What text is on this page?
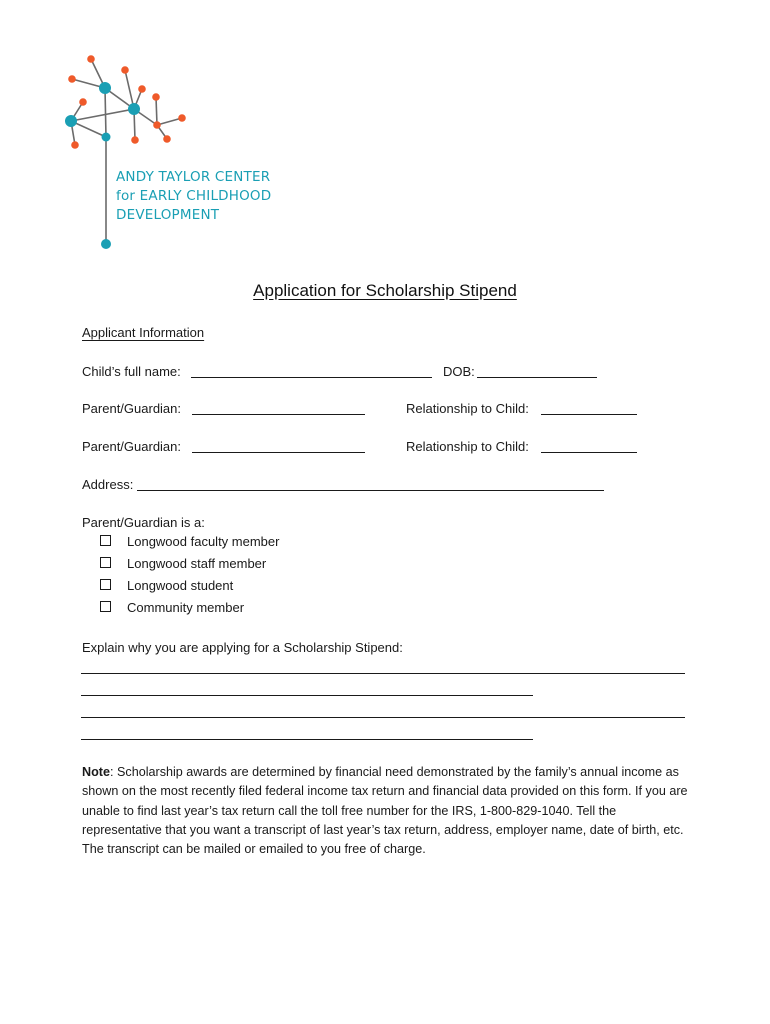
ANDY TAYLOR CENTER
for EARLY CHILDHOOD
DEVELOPMENT
Application for Scholarship Stipend
Applicant Information
Child’s full name:	DOB:
Parent/Guardian:	Relationship to Child:
Parent/Guardian:	Relationship to Child:
Address:
Parent/Guardian is a:
Longwood faculty member
Longwood staff member
Longwood student
Community member
Explain why you are applying for a Scholarship Stipend:
Note: Scholarship awards are determined by financial need demonstrated by the family’s annual income as shown on the most recently filed federal income tax return and financial data provided on this form. If you are unable to find last year’s tax return call the toll free number for the IRS, 1-800-829-1040. Tell the representative that you want a transcript of last year’s tax return, address, employer name, date of birth, etc. The transcript can be mailed or emailed to you free of charge.
